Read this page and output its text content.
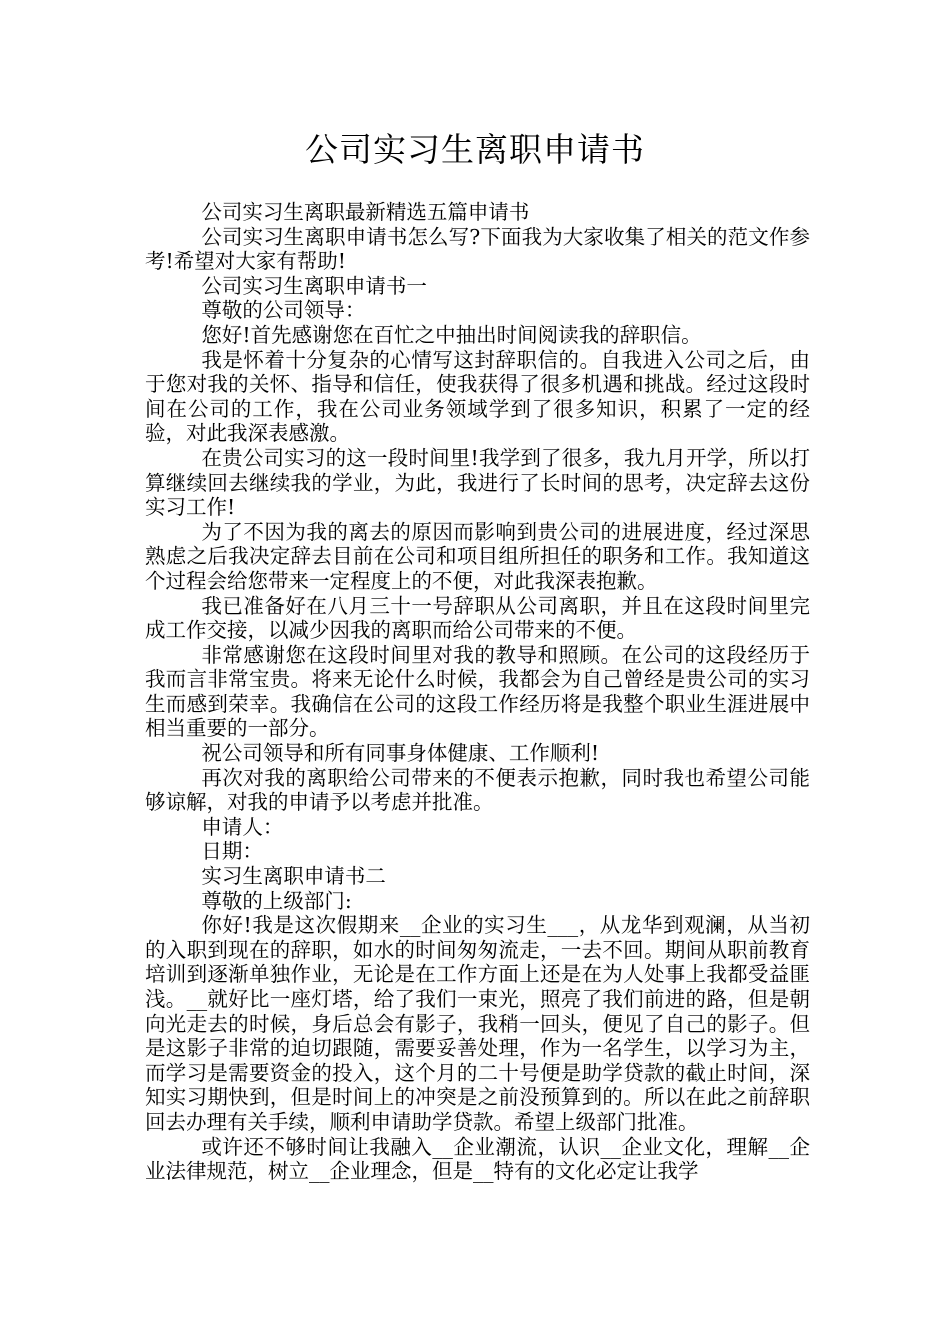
公司实习生离职申请书

公司实习生离职最新精选五篇申请书

公司实习生离职申请书怎么写?下面我为大家收集了相关的范文作参考!希望对大家有帮助!

公司实习生离职申请书一

尊敬的公司领导：

您好!首先感谢您在百忙之中抽出时间阅读我的辞职信。

我是怀着十分复杂的心情写这封辞职信的。自我进入公司之后，由于您对我的关怀、指导和信任，使我获得了很多机遇和挑战。经过这段时间在公司的工作，我在公司业务领域学到了很多知识，积累了一定的经验，对此我深表感激。

在贵公司实习的这一段时间里!我学到了很多，我九月开学，所以打算继续回去继续我的学业，为此，我进行了长时间的思考，决定辞去这份实习工作!

为了不因为我的离去的原因而影响到贵公司的进展进度，经过深思熟虑之后我决定辞去目前在公司和项目组所担任的职务和工作。我知道这个过程会给您带来一定程度上的不便，对此我深表抱歉。

我已准备好在八月三十一号辞职从公司离职，并且在这段时间里完成工作交接，以减少因我的离职而给公司带来的不便。

非常感谢您在这段时间里对我的教导和照顾。在公司的这段经历于我而言非常宝贵。将来无论什么时候，我都会为自己曾经是贵公司的实习生而感到荣幸。我确信在公司的这段工作经历将是我整个职业生涯进展中相当重要的一部分。

祝公司领导和所有同事身体健康、工作顺利!

再次对我的离职给公司带来的不便表示抱歉，同时我也希望公司能够谅解，对我的申请予以考虑并批准。

申请人：

日期：

实习生离职申请书二

尊敬的上级部门:

你好!我是这次假期来__企业的实习生___，从龙华到观澜，从当初的入职到现在的辞职，如水的时间匆匆流走，一去不回。期间从职前教育培训到逐渐单独作业，无论是在工作方面上还是在为人处事上我都受益匪浅。__就好比一座灯塔，给了我们一束光，照亮了我们前进的路，但是朝向光走去的时候，身后总会有影子，我稍一回头，便见了自己的影子。但是这影子非常的迫切跟随，需要妥善处理，作为一名学生，以学习为主，而学习是需要资金的投入，这个月的二十号便是助学贷款的截止时间，深知实习期快到，但是时间上的冲突是之前没预算到的。所以在此之前辞职回去办理有关手续，顺利申请助学贷款。希望上级部门批准。

或许还不够时间让我融入__企业潮流，认识__企业文化，理解__企业法律规范，树立__企业理念，但是__特有的文化必定让我学
